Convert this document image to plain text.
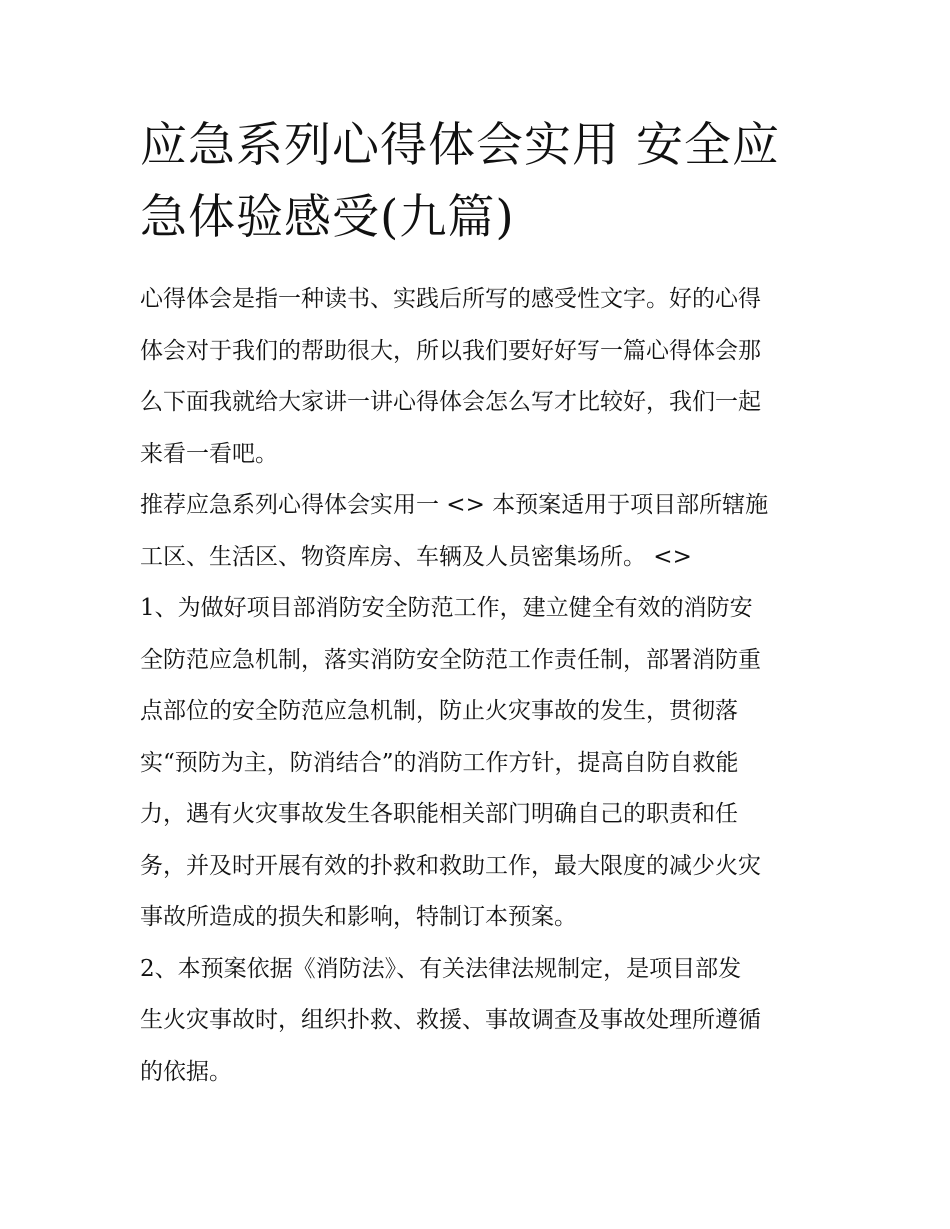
应急系列心得体会实用 安全应
急体验感受(九篇)

心得体会是指一种读书、实践后所写的感受性文字。好的心得
体会对于我们的帮助很大，所以我们要好好写一篇心得体会那
么下面我就给大家讲一讲心得体会怎么写才比较好，我们一起
来看一看吧。

推荐应急系列心得体会实用一 <> 本预案适用于项目部所辖施
工区、生活区、物资库房、车辆及人员密集场所。 <>

1、为做好项目部消防安全防范工作，建立健全有效的消防安
全防范应急机制，落实消防安全防范工作责任制，部署消防重
点部位的安全防范应急机制，防止火灾事故的发生，贯彻落
实“预防为主，防消结合”的消防工作方针，提高自防自救能
力，遇有火灾事故发生各职能相关部门明确自己的职责和任
务，并及时开展有效的扑救和救助工作，最大限度的减少火灾
事故所造成的损失和影响，特制订本预案。

2、本预案依据《消防法》、有关法律法规制定，是项目部发
生火灾事故时，组织扑救、救援、事故调查及事故处理所遵循
的依据。
